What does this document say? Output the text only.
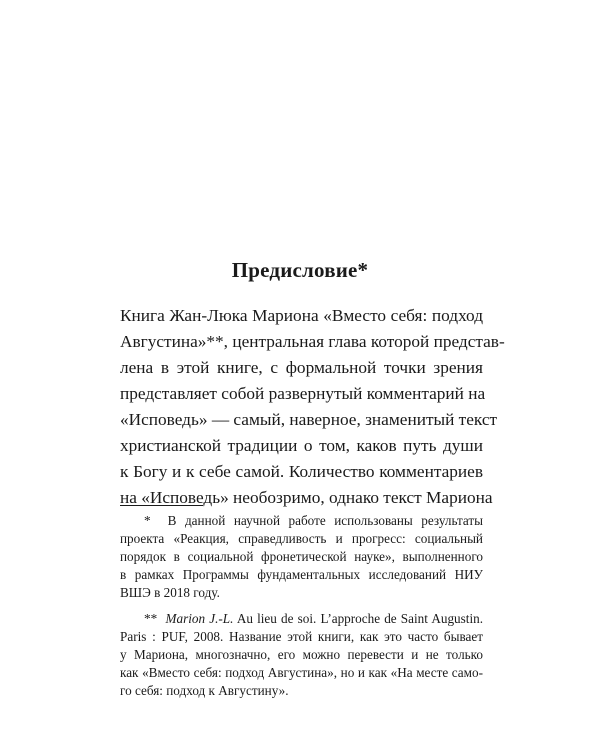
Предисловие*
Книга Жан-Люка Мариона «Вместо себя: подход
Августина»**, центральная глава которой представ-
лена в этой книге, с формальной точки зрения
представляет собой развернутый комментарий на
«Исповедь» — самый, наверное, знаменитый текст
христианской традиции о том, каков путь души
к Богу и к себе самой. Количество комментариев
на «Исповедь» необозримо, однако текст Мариона
* В данной научной работе использованы результаты
проекта «Реакция, справедливость и прогресс: социальный
порядок в социальной фронетической науке», выполненного
в рамках Программы фундаментальных исследований НИУ
ВШЭ в 2018 году.
** Marion J.-L. Au lieu de soi. L’approche de Saint Augustin.
Paris : PUF, 2008. Название этой книги, как это часто бывает
у Мариона, многозначно, его можно перевести и не только
как «Вместо себя: подход Августина», но и как «На месте само-
го себя: подход к Августину».
